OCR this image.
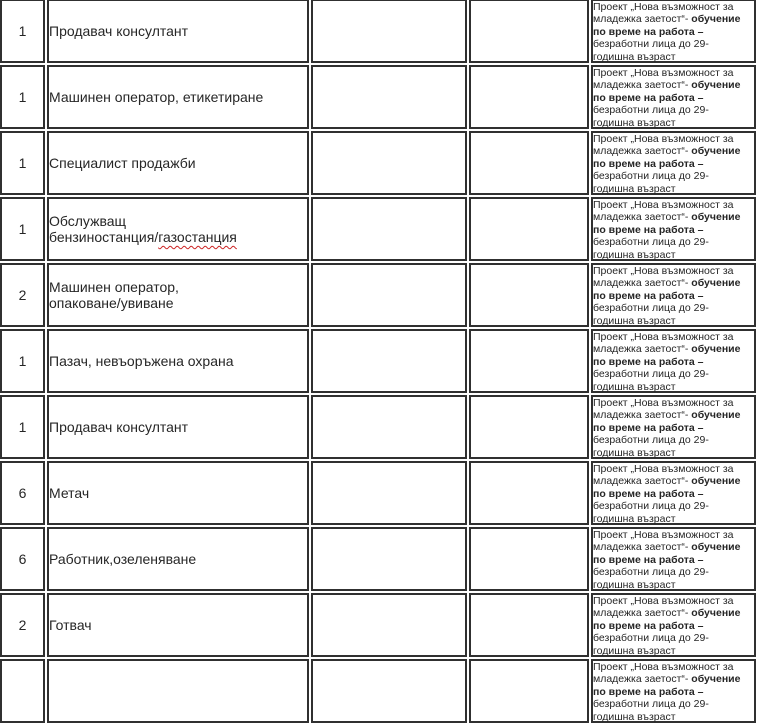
1	Продавач консултант			Проект „Нова възможност за
младежка заетост“- обучение
по време на работа –
безработни лица до 29-
годишна възраст

1	Машинен оператор, етикетиране			Проект „Нова възможност за
младежка заетост“- обучение
по време на работа –
безработни лица до 29-
годишна възраст

1	Специалист продажби			Проект „Нова възможност за
младежка заетост“- обучение
по време на работа –
безработни лица до 29-
годишна възраст

1	Обслужващ
бензиностанция/газостанция			Проект „Нова възможност за
младежка заетост“- обучение
по време на работа –
безработни лица до 29-
годишна възраст

2	Машинен оператор,
опаковане/увиване			Проект „Нова възможност за
младежка заетост“- обучение
по време на работа –
безработни лица до 29-
годишна възраст

1	Пазач, невъоръжена охрана			Проект „Нова възможност за
младежка заетост“- обучение
по време на работа –
безработни лица до 29-
годишна възраст

1	Продавач консултант			Проект „Нова възможност за
младежка заетост“- обучение
по време на работа –
безработни лица до 29-
годишна възраст

6	Метач			Проект „Нова възможност за
младежка заетост“- обучение
по време на работа –
безработни лица до 29-
годишна възраст

6	Работник,озеленяване			Проект „Нова възможност за
младежка заетост“- обучение
по време на работа –
безработни лица до 29-
годишна възраст

2	Готвач			Проект „Нова възможност за
младежка заетост“- обучение
по време на работа –
безработни лица до 29-
годишна възраст

				Проект „Нова възможност за
младежка заетост“- обучение
по време на работа –
безработни лица до 29-
годишна възраст
